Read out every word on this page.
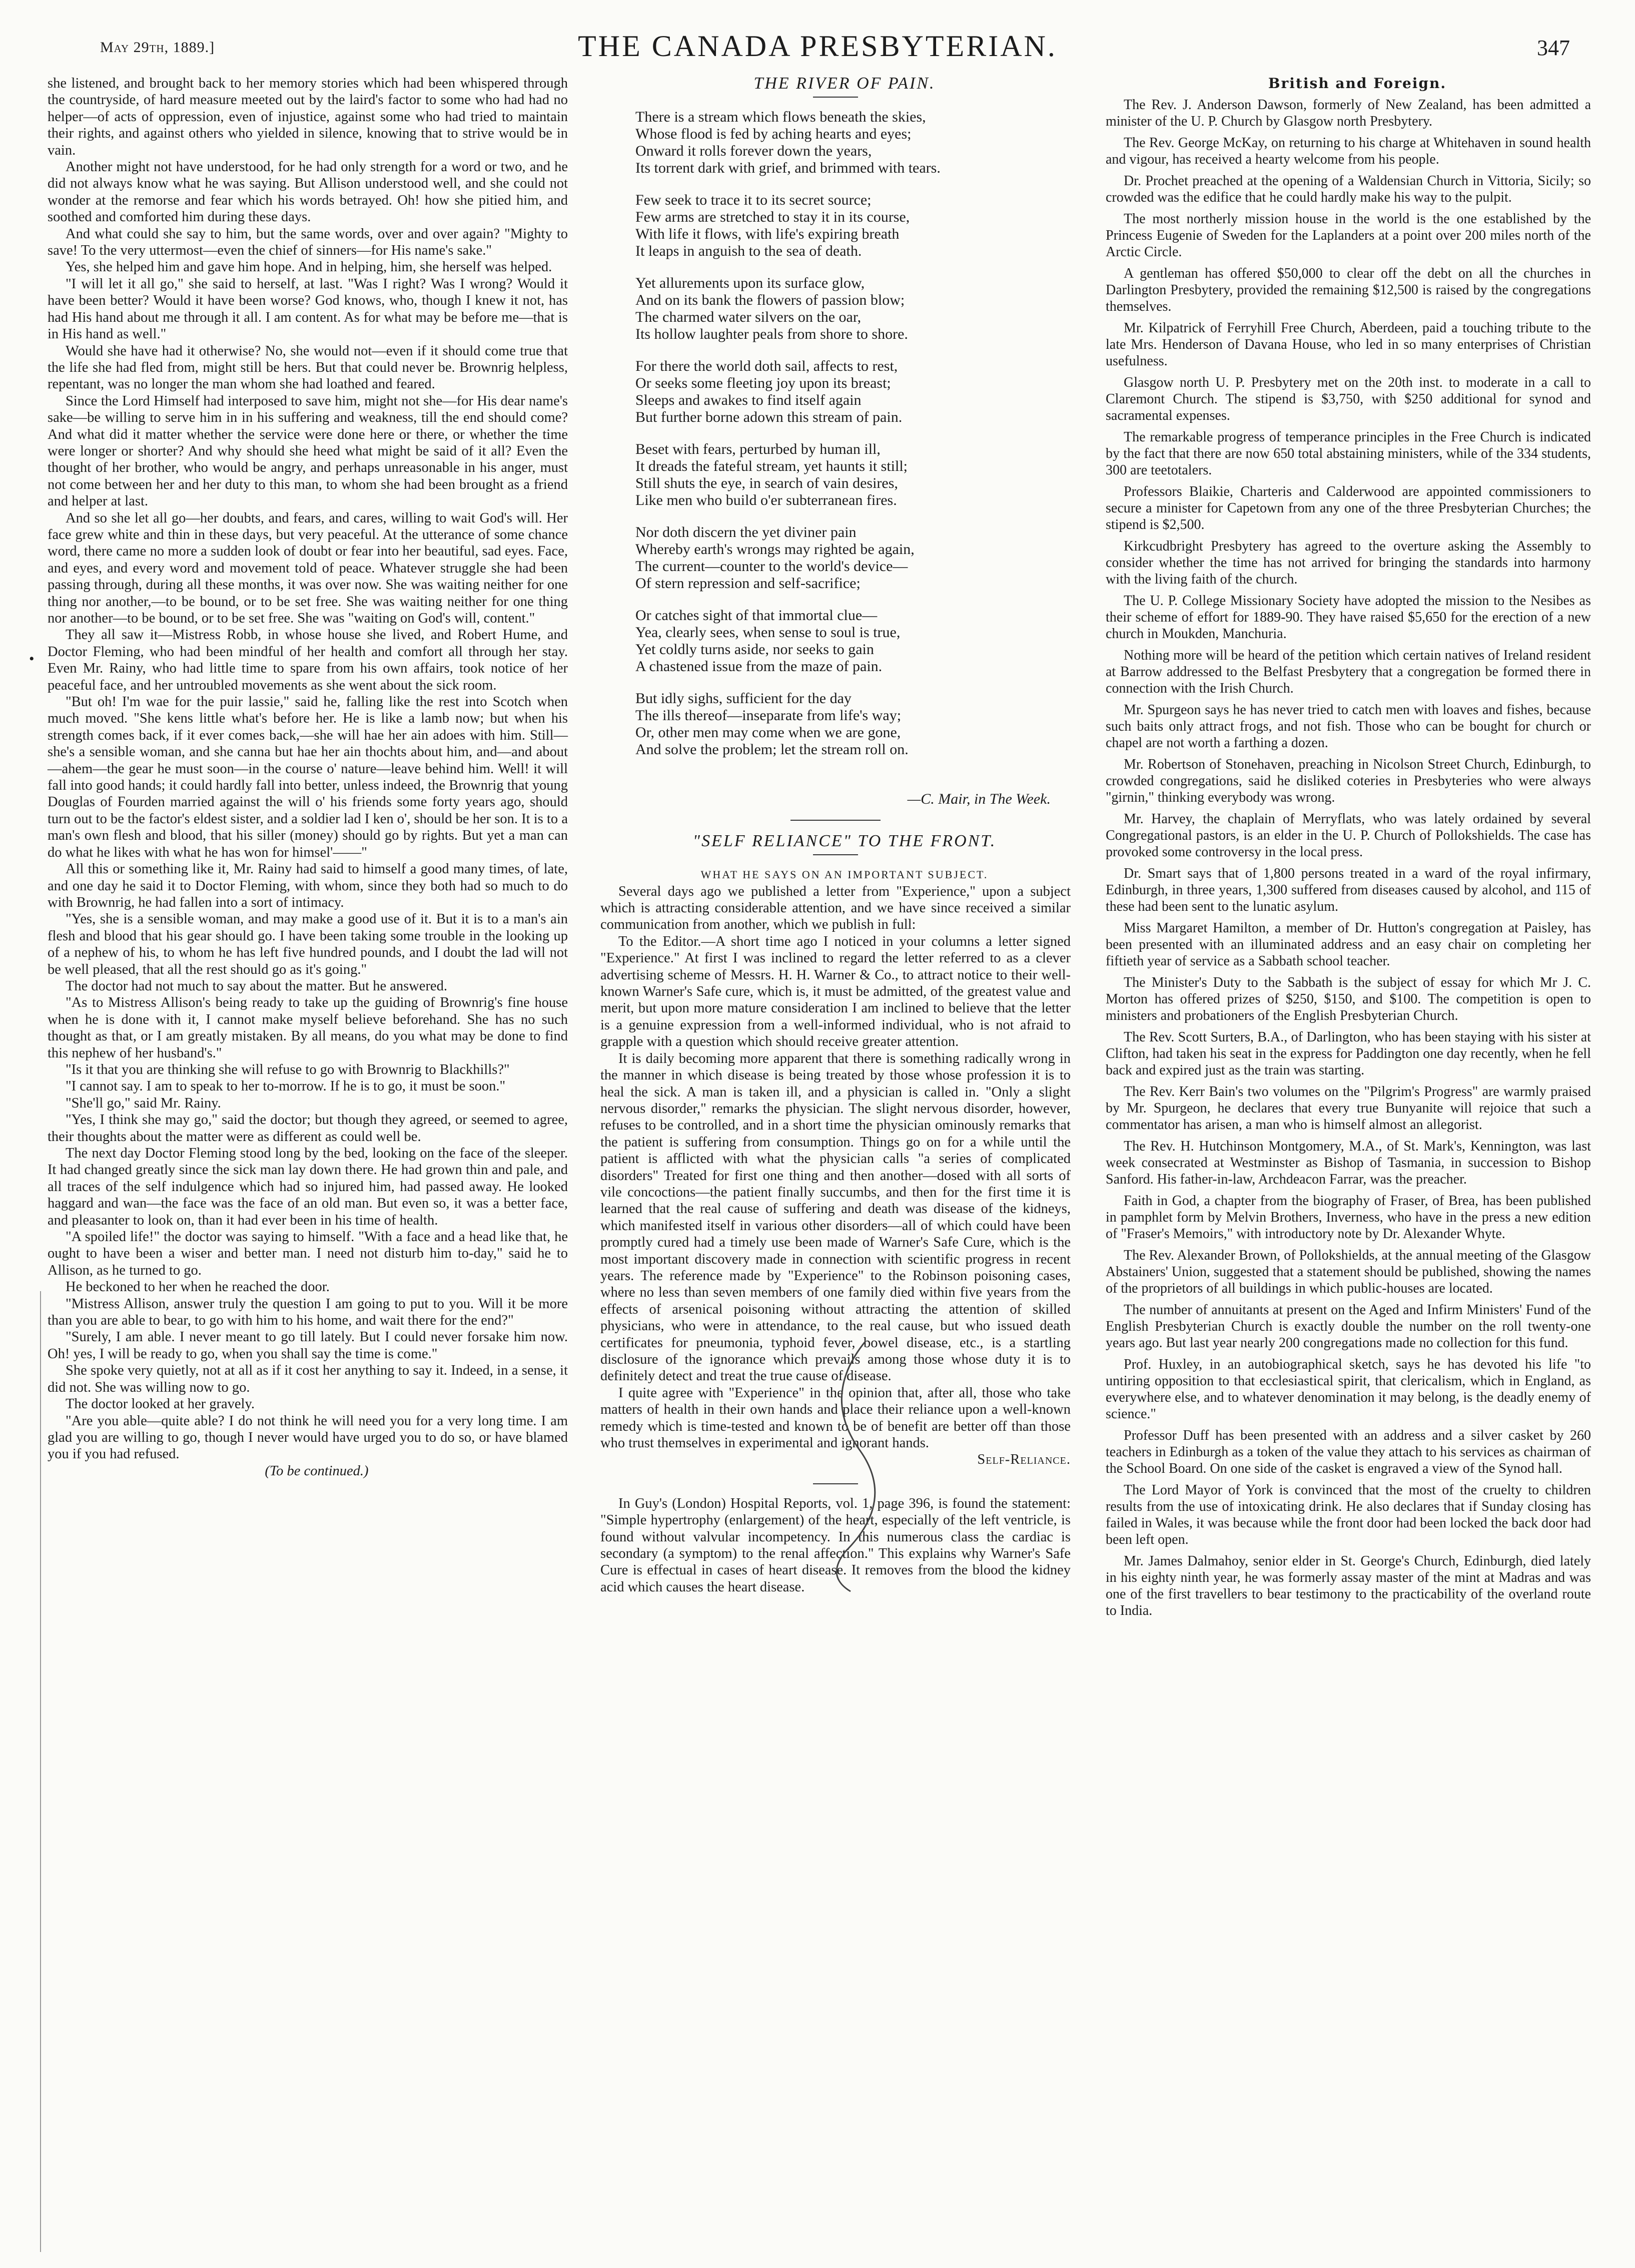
May 29th, 1889.]	THE CANADA PRESBYTERIAN.	347
•

she listened, and brought back to her memory stories which had been whispered through the countryside, of hard measure meeted out by the laird's factor to some who had had no helper—of acts of oppression, even of injustice, against some who had tried to maintain their rights, and against others who yielded in silence, knowing that to strive would be in vain.

Another might not have understood, for he had only strength for a word or two, and he did not always know what he was saying. But Allison understood well, and she could not wonder at the remorse and fear which his words betrayed. Oh! how she pitied him, and soothed and comforted him during these days.

And what could she say to him, but the same words, over and over again? "Mighty to save! To the very uttermost—even the chief of sinners—for His name's sake."

Yes, she helped him and gave him hope. And in helping, him, she herself was helped.

"I will let it all go," she said to herself, at last. "Was I right? Was I wrong? Would it have been better? Would it have been worse? God knows, who, though I knew it not, has had His hand about me through it all. I am content. As for what may be before me—that is in His hand as well."

Would she have had it otherwise? No, she would not—even if it should come true that the life she had fled from, might still be hers. But that could never be. Brownrig helpless, repentant, was no longer the man whom she had loathed and feared.

Since the Lord Himself had interposed to save him, might not she—for His dear name's sake—be willing to serve him in in his suffering and weakness, till the end should come? And what did it matter whether the service were done here or there, or whether the time were longer or shorter? And why should she heed what might be said of it all? Even the thought of her brother, who would be angry, and perhaps unreasonable in his anger, must not come between her and her duty to this man, to whom she had been brought as a friend and helper at last.

And so she let all go—her doubts, and fears, and cares, willing to wait God's will. Her face grew white and thin in these days, but very peaceful. At the utterance of some chance word, there came no more a sudden look of doubt or fear into her beautiful, sad eyes. Face, and eyes, and every word and movement told of peace. Whatever struggle she had been passing through, during all these months, it was over now. She was waiting neither for one thing nor another,—to be bound, or to be set free. She was waiting neither for one thing nor another—to be bound, or to be set free. She was "waiting on God's will, content."

They all saw it—Mistress Robb, in whose house she lived, and Robert Hume, and Doctor Fleming, who had been mindful of her health and comfort all through her stay. Even Mr. Rainy, who had little time to spare from his own affairs, took notice of her peaceful face, and her untroubled movements as she went about the sick room.

"But oh! I'm wae for the puir lassie," said he, falling like the rest into Scotch when much moved. "She kens little what's before her. He is like a lamb now; but when his strength comes back, if it ever comes back,—she will hae her ain adoes with him. Still—she's a sensible woman, and she canna but hae her ain thochts about him, and—and about—ahem—the gear he must soon—in the course o' nature—leave behind him. Well! it will fall into good hands; it could hardly fall into better, unless indeed, the Brownrig that young Douglas of Fourden married against the will o' his friends some forty years ago, should turn out to be the factor's eldest sister, and a soldier lad I ken o', should be her son. It is to a man's own flesh and blood, that his siller (money) should go by rights. But yet a man can do what he likes with what he has won for himsel'——"

All this or something like it, Mr. Rainy had said to himself a good many times, of late, and one day he said it to Doctor Fleming, with whom, since they both had so much to do with Brownrig, he had fallen into a sort of intimacy.

"Yes, she is a sensible woman, and may make a good use of it. But it is to a man's ain flesh and blood that his gear should go. I have been taking some trouble in the looking up of a nephew of his, to whom he has left five hundred pounds, and I doubt the lad will not be well pleased, that all the rest should go as it's going."

The doctor had not much to say about the matter. But he answered.

"As to Mistress Allison's being ready to take up the guiding of Brownrig's fine house when he is done with it, I cannot make myself believe beforehand. She has no such thought as that, or I am greatly mistaken. By all means, do you what may be done to find this nephew of her husband's."

"Is it that you are thinking she will refuse to go with Brownrig to Blackhills?"

"I cannot say. I am to speak to her to-morrow. If he is to go, it must be soon."

"She'll go," said Mr. Rainy.

"Yes, I think she may go," said the doctor; but though they agreed, or seemed to agree, their thoughts about the matter were as different as could well be.

The next day Doctor Fleming stood long by the bed, looking on the face of the sleeper. It had changed greatly since the sick man lay down there. He had grown thin and pale, and all traces of the self indulgence which had so injured him, had passed away. He looked haggard and wan—the face was the face of an old man. But even so, it was a better face, and pleasanter to look on, than it had ever been in his time of health.

"A spoiled life!" the doctor was saying to himself. "With a face and a head like that, he ought to have been a wiser and better man. I need not disturb him to-day," said he to Allison, as he turned to go.

He beckoned to her when he reached the door.

"Mistress Allison, answer truly the question I am going to put to you. Will it be more than you are able to bear, to go with him to his home, and wait there for the end?"

"Surely, I am able. I never meant to go till lately. But I could never forsake him now. Oh! yes, I will be ready to go, when you shall say the time is come."

She spoke very quietly, not at all as if it cost her anything to say it. Indeed, in a sense, it did not. She was willing now to go.

The doctor looked at her gravely.

"Are you able—quite able? I do not think he will need you for a very long time. I am glad you are willing to go, though I never would have urged you to do so, or have blamed you if you had refused.

(To be continued.)

THE RIVER OF PAIN.

There is a stream which flows beneath the skies,
Whose flood is fed by aching hearts and eyes;
Onward it rolls forever down the years,
Its torrent dark with grief, and brimmed with tears.
Few seek to trace it to its secret source;
Few arms are stretched to stay it in its course,
With life it flows, with life's expiring breath
It leaps in anguish to the sea of death.
Yet allurements upon its surface glow,
And on its bank the flowers of passion blow;
The charmed water silvers on the oar,
Its hollow laughter peals from shore to shore.
For there the world doth sail, affects to rest,
Or seeks some fleeting joy upon its breast;
Sleeps and awakes to find itself again
But further borne adown this stream of pain.
Beset with fears, perturbed by human ill,
It dreads the fateful stream, yet haunts it still;
Still shuts the eye, in search of vain desires,
Like men who build o'er subterranean fires.
Nor doth discern the yet diviner pain
Whereby earth's wrongs may righted be again,
The current—counter to the world's device—
Of stern repression and self-sacrifice;
Or catches sight of that immortal clue—
Yea, clearly sees, when sense to soul is true,
Yet coldly turns aside, nor seeks to gain
A chastened issue from the maze of pain.
But idly sighs, sufficient for the day
The ills thereof—inseparate from life's way;
Or, other men may come when we are gone,
And solve the problem; let the stream roll on.
—C. Mair, in The Week.

"SELF RELIANCE" TO THE FRONT.

WHAT HE SAYS ON AN IMPORTANT SUBJECT.

Several days ago we published a letter from "Experience," upon a subject which is attracting considerable attention, and we have since received a similar communication from another, which we publish in full:

To the Editor.—A short time ago I noticed in your columns a letter signed "Experience." At first I was inclined to regard the letter referred to as a clever advertising scheme of Messrs. H. H. Warner & Co., to attract notice to their well-known Warner's Safe cure, which is, it must be admitted, of the greatest value and merit, but upon more mature consideration I am inclined to believe that the letter is a genuine expression from a well-informed individual, who is not afraid to grapple with a question which should receive greater attention.

It is daily becoming more apparent that there is something radically wrong in the manner in which disease is being treated by those whose profession it is to heal the sick. A man is taken ill, and a physician is called in. "Only a slight nervous disorder," remarks the physician. The slight nervous disorder, however, refuses to be controlled, and in a short time the physician ominously remarks that the patient is suffering from consumption. Things go on for a while until the patient is afflicted with what the physician calls "a series of complicated disorders" Treated for first one thing and then another—dosed with all sorts of vile concoctions—the patient finally succumbs, and then for the first time it is learned that the real cause of suffering and death was disease of the kidneys, which manifested itself in various other disorders—all of which could have been promptly cured had a timely use been made of Warner's Safe Cure, which is the most important discovery made in connection with scientific progress in recent years. The reference made by "Experience" to the Robinson poisoning cases, where no less than seven members of one family died within five years from the effects of arsenical poisoning without attracting the attention of skilled physicians, who were in attendance, to the real cause, but who issued death certificates for pneumonia, typhoid fever, bowel disease, etc., is a startling disclosure of the ignorance which prevails among those whose duty it is to definitely detect and treat the true cause of disease.

I quite agree with "Experience" in the opinion that, after all, those who take matters of health in their own hands and place their reliance upon a well-known remedy which is time-tested and known to be of benefit are better off than those who trust themselves in experimental and ignorant hands.

Self-Reliance.

In Guy's (London) Hospital Reports, vol. 1, page 396, is found the statement: "Simple hypertrophy (enlargement) of the heart, especially of the left ventricle, is found without valvular incompetency. In this numerous class the cardiac is secondary (a symptom) to the renal affection." This explains why Warner's Safe Cure is effectual in cases of heart disease. It removes from the blood the kidney acid which causes the heart disease.

British and Foreign.

The Rev. J. Anderson Dawson, formerly of New Zealand, has been admitted a minister of the U. P. Church by Glasgow north Presbytery.

The Rev. George McKay, on returning to his charge at Whitehaven in sound health and vigour, has received a hearty welcome from his people.

Dr. Prochet preached at the opening of a Waldensian Church in Vittoria, Sicily; so crowded was the edifice that he could hardly make his way to the pulpit.

The most northerly mission house in the world is the one established by the Princess Eugenie of Sweden for the Laplanders at a point over 200 miles north of the Arctic Circle.

A gentleman has offered $50,000 to clear off the debt on all the churches in Darlington Presbytery, provided the remaining $12,500 is raised by the congregations themselves.

Mr. Kilpatrick of Ferryhill Free Church, Aberdeen, paid a touching tribute to the late Mrs. Henderson of Davana House, who led in so many enterprises of Christian usefulness.

Glasgow north U. P. Presbytery met on the 20th inst. to moderate in a call to Claremont Church. The stipend is $3,750, with $250 additional for synod and sacramental expenses.

The remarkable progress of temperance principles in the Free Church is indicated by the fact that there are now 650 total abstaining ministers, while of the 334 students, 300 are teetotalers.

Professors Blaikie, Charteris and Calderwood are appointed commissioners to secure a minister for Capetown from any one of the three Presbyterian Churches; the stipend is $2,500.

Kirkcudbright Presbytery has agreed to the overture asking the Assembly to consider whether the time has not arrived for bringing the standards into harmony with the living faith of the church.

The U. P. College Missionary Society have adopted the mission to the Nesibes as their scheme of effort for 1889-90. They have raised $5,650 for the erection of a new church in Moukden, Manchuria.

Nothing more will be heard of the petition which certain natives of Ireland resident at Barrow addressed to the Belfast Presbytery that a congregation be formed there in connection with the Irish Church.

Mr. Spurgeon says he has never tried to catch men with loaves and fishes, because such baits only attract frogs, and not fish. Those who can be bought for church or chapel are not worth a farthing a dozen.

Mr. Robertson of Stonehaven, preaching in Nicolson Street Church, Edinburgh, to crowded congregations, said he disliked coteries in Presbyteries who were always "girnin," thinking everybody was wrong.

Mr. Harvey, the chaplain of Merryflats, who was lately ordained by several Congregational pastors, is an elder in the U. P. Church of Pollokshields. The case has provoked some controversy in the local press.

Dr. Smart says that of 1,800 persons treated in a ward of the royal infirmary, Edinburgh, in three years, 1,300 suffered from diseases caused by alcohol, and 115 of these had been sent to the lunatic asylum.

Miss Margaret Hamilton, a member of Dr. Hutton's congregation at Paisley, has been presented with an illuminated address and an easy chair on completing her fiftieth year of service as a Sabbath school teacher.

The Minister's Duty to the Sabbath is the subject of essay for which Mr J. C. Morton has offered prizes of $250, $150, and $100. The competition is open to ministers and probationers of the English Presbyterian Church.

The Rev. Scott Surters, B.A., of Darlington, who has been staying with his sister at Clifton, had taken his seat in the express for Paddington one day recently, when he fell back and expired just as the train was starting.

The Rev. Kerr Bain's two volumes on the "Pilgrim's Progress" are warmly praised by Mr. Spurgeon, he declares that every true Bunyanite will rejoice that such a commentator has arisen, a man who is himself almost an allegorist.

The Rev. H. Hutchinson Montgomery, M.A., of St. Mark's, Kennington, was last week consecrated at Westminster as Bishop of Tasmania, in succession to Bishop Sanford. His father-in-law, Archdeacon Farrar, was the preacher.

Faith in God, a chapter from the biography of Fraser, of Brea, has been published in pamphlet form by Melvin Brothers, Inverness, who have in the press a new edition of "Fraser's Memoirs," with introductory note by Dr. Alexander Whyte.

The Rev. Alexander Brown, of Pollokshields, at the annual meeting of the Glasgow Abstainers' Union, suggested that a statement should be published, showing the names of the proprietors of all buildings in which public-houses are located.

The number of annuitants at present on the Aged and Infirm Ministers' Fund of the English Presbyterian Church is exactly double the number on the roll twenty-one years ago. But last year nearly 200 congregations made no collection for this fund.

Prof. Huxley, in an autobiographical sketch, says he has devoted his life "to untiring opposition to that ecclesiastical spirit, that clericalism, which in England, as everywhere else, and to whatever denomination it may belong, is the deadly enemy of science."

Professor Duff has been presented with an address and a silver casket by 260 teachers in Edinburgh as a token of the value they attach to his services as chairman of the School Board. On one side of the casket is engraved a view of the Synod hall.

The Lord Mayor of York is convinced that the most of the cruelty to children results from the use of intoxicating drink. He also declares that if Sunday closing has failed in Wales, it was because while the front door had been locked the back door had been left open.

Mr. James Dalmahoy, senior elder in St. George's Church, Edinburgh, died lately in his eighty ninth year, he was formerly assay master of the mint at Madras and was one of the first travellers to bear testimony to the practicability of the overland route to India.
